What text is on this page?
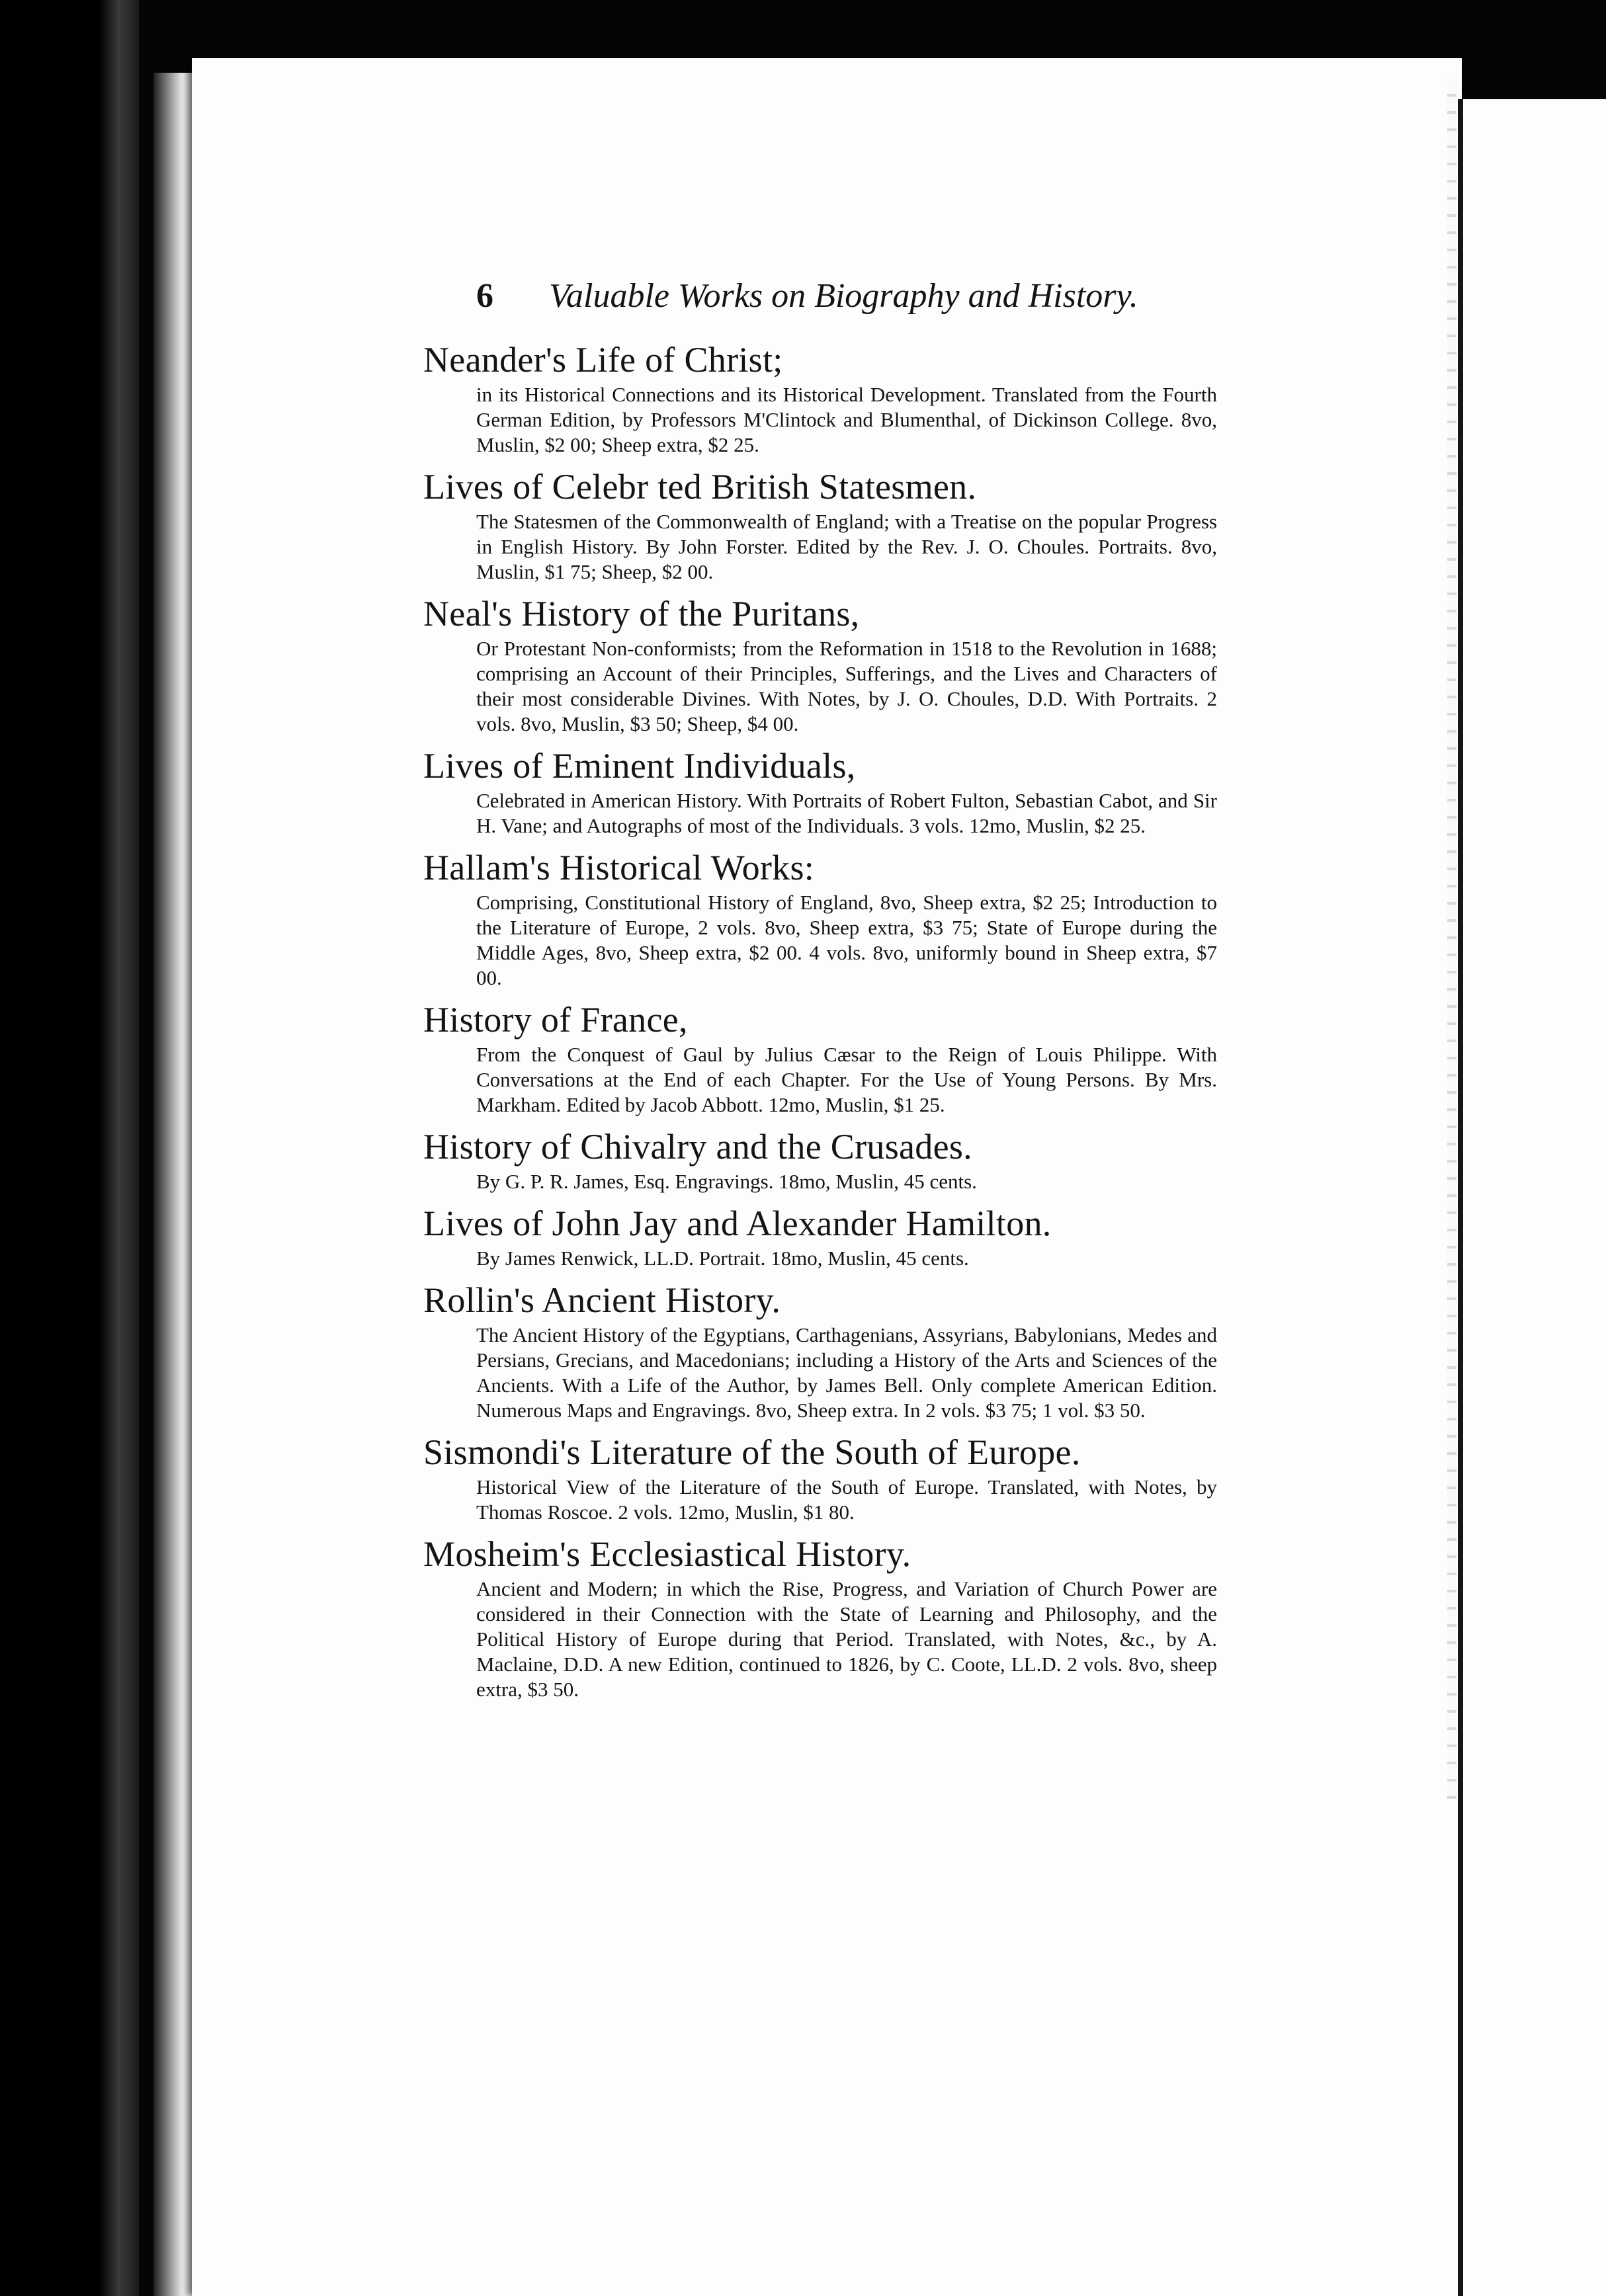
6 Valuable Works on Biography and History.
Neander's Life of Christ;

in its Historical Connections and its Historical Development. Translated from the Fourth German Edition, by Professors M'Clintock and Blumenthal, of Dickinson College. 8vo, Muslin, $2 00; Sheep extra, $2 25.

Lives of Celebr ted British Statesmen.

The Statesmen of the Commonwealth of England; with a Treatise on the popular Progress in English History. By John Forster. Edited by the Rev. J. O. Choules. Portraits. 8vo, Muslin, $1 75; Sheep, $2 00.

Neal's History of the Puritans,

Or Protestant Non-conformists; from the Reformation in 1518 to the Revolution in 1688; comprising an Account of their Principles, Sufferings, and the Lives and Characters of their most considerable Divines. With Notes, by J. O. Choules, D.D. With Portraits. 2 vols. 8vo, Muslin, $3 50; Sheep, $4 00.

Lives of Eminent Individuals,

Celebrated in American History. With Portraits of Robert Fulton, Sebastian Cabot, and Sir H. Vane; and Autographs of most of the Individuals. 3 vols. 12mo, Muslin, $2 25.

Hallam's Historical Works:

Comprising, Constitutional History of England, 8vo, Sheep extra, $2 25; Introduction to the Literature of Europe, 2 vols. 8vo, Sheep extra, $3 75; State of Europe during the Middle Ages, 8vo, Sheep extra, $2 00. 4 vols. 8vo, uniformly bound in Sheep extra, $7 00.

History of France,

From the Conquest of Gaul by Julius Cæsar to the Reign of Louis Philippe. With Conversations at the End of each Chapter. For the Use of Young Persons. By Mrs. Markham. Edited by Jacob Abbott. 12mo, Muslin, $1 25.

History of Chivalry and the Crusades.

By G. P. R. James, Esq. Engravings. 18mo, Muslin, 45 cents.

Lives of John Jay and Alexander Hamilton.

By James Renwick, LL.D. Portrait. 18mo, Muslin, 45 cents.

Rollin's Ancient History.

The Ancient History of the Egyptians, Carthagenians, Assyrians, Babylonians, Medes and Persians, Grecians, and Macedonians; including a History of the Arts and Sciences of the Ancients. With a Life of the Author, by James Bell. Only complete American Edition. Numerous Maps and Engravings. 8vo, Sheep extra. In 2 vols. $3 75; 1 vol. $3 50.

Sismondi's Literature of the South of Europe.

Historical View of the Literature of the South of Europe. Translated, with Notes, by Thomas Roscoe. 2 vols. 12mo, Muslin, $1 80.

Mosheim's Ecclesiastical History.

Ancient and Modern; in which the Rise, Progress, and Variation of Church Power are considered in their Connection with the State of Learning and Philosophy, and the Political History of Europe during that Period. Translated, with Notes, &c., by A. Maclaine, D.D. A new Edition, continued to 1826, by C. Coote, LL.D. 2 vols. 8vo, sheep extra, $3 50.
